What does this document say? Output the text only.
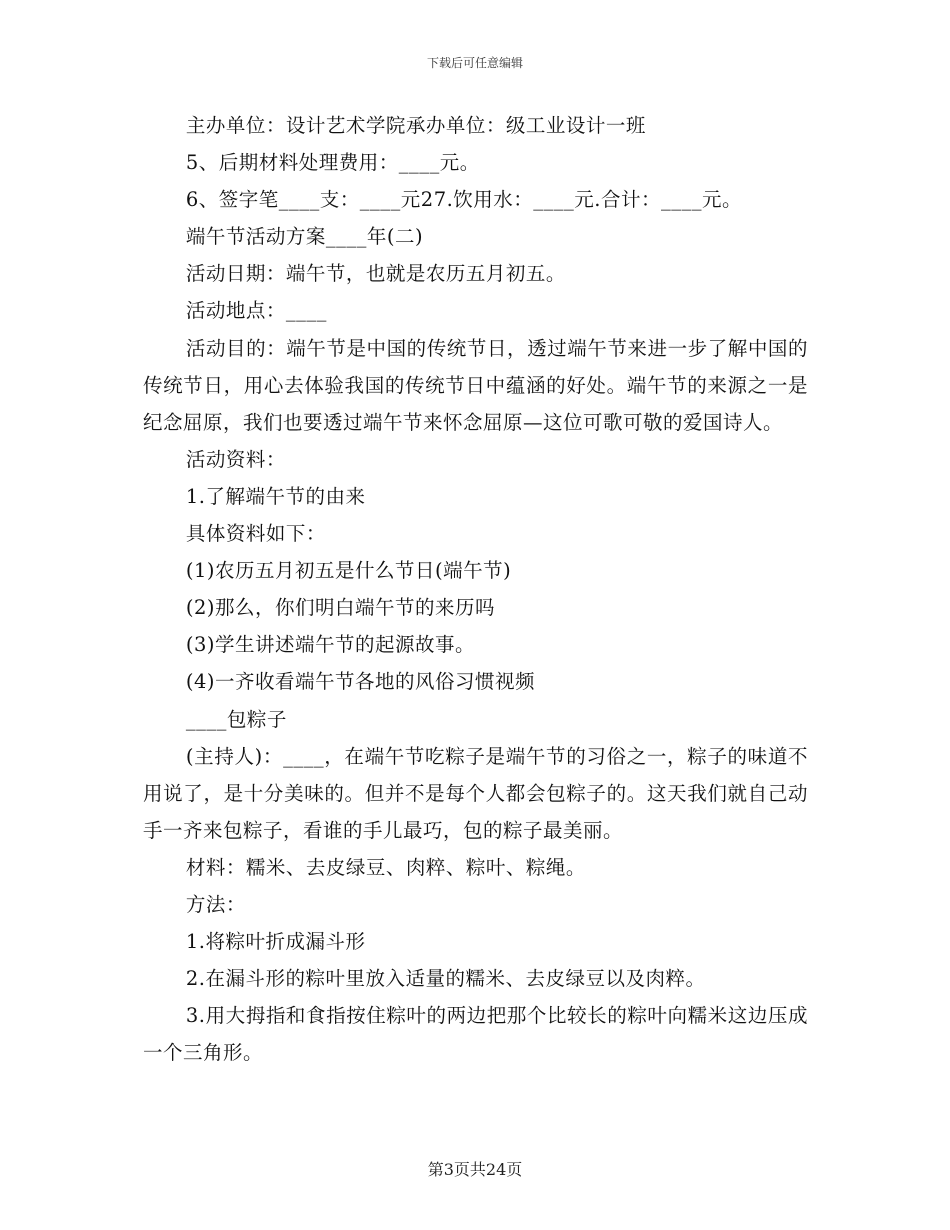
下载后可任意编辑

主办单位：设计艺术学院承办单位：级工业设计一班

5、后期材料处理费用：____元。

6、签字笔____支：____元27.饮用水：____元.合计：____元。

端午节活动方案____年(二)

活动日期：端午节，也就是农历五月初五。

活动地点：____

活动目的：端午节是中国的传统节日，透过端午节来进一步了解中国的传统节日，用心去体验我国的传统节日中蕴涵的好处。端午节的来源之一是纪念屈原，我们也要透过端午节来怀念屈原—这位可歌可敬的爱国诗人。

活动资料：

1.了解端午节的由来

具体资料如下：

(1)农历五月初五是什么节日(端午节)

(2)那么，你们明白端午节的来历吗

(3)学生讲述端午节的起源故事。

(4)一齐收看端午节各地的风俗习惯视频

____包粽子

(主持人)：____，在端午节吃粽子是端午节的习俗之一，粽子的味道不用说了，是十分美味的。但并不是每个人都会包粽子的。这天我们就自己动手一齐来包粽子，看谁的手儿最巧，包的粽子最美丽。

材料：糯米、去皮绿豆、肉粹、粽叶、粽绳。

方法：

1.将粽叶折成漏斗形

2.在漏斗形的粽叶里放入适量的糯米、去皮绿豆以及肉粹。

3.用大拇指和食指按住粽叶的两边把那个比较长的粽叶向糯米这边压成一个三角形。

第3页共24页
